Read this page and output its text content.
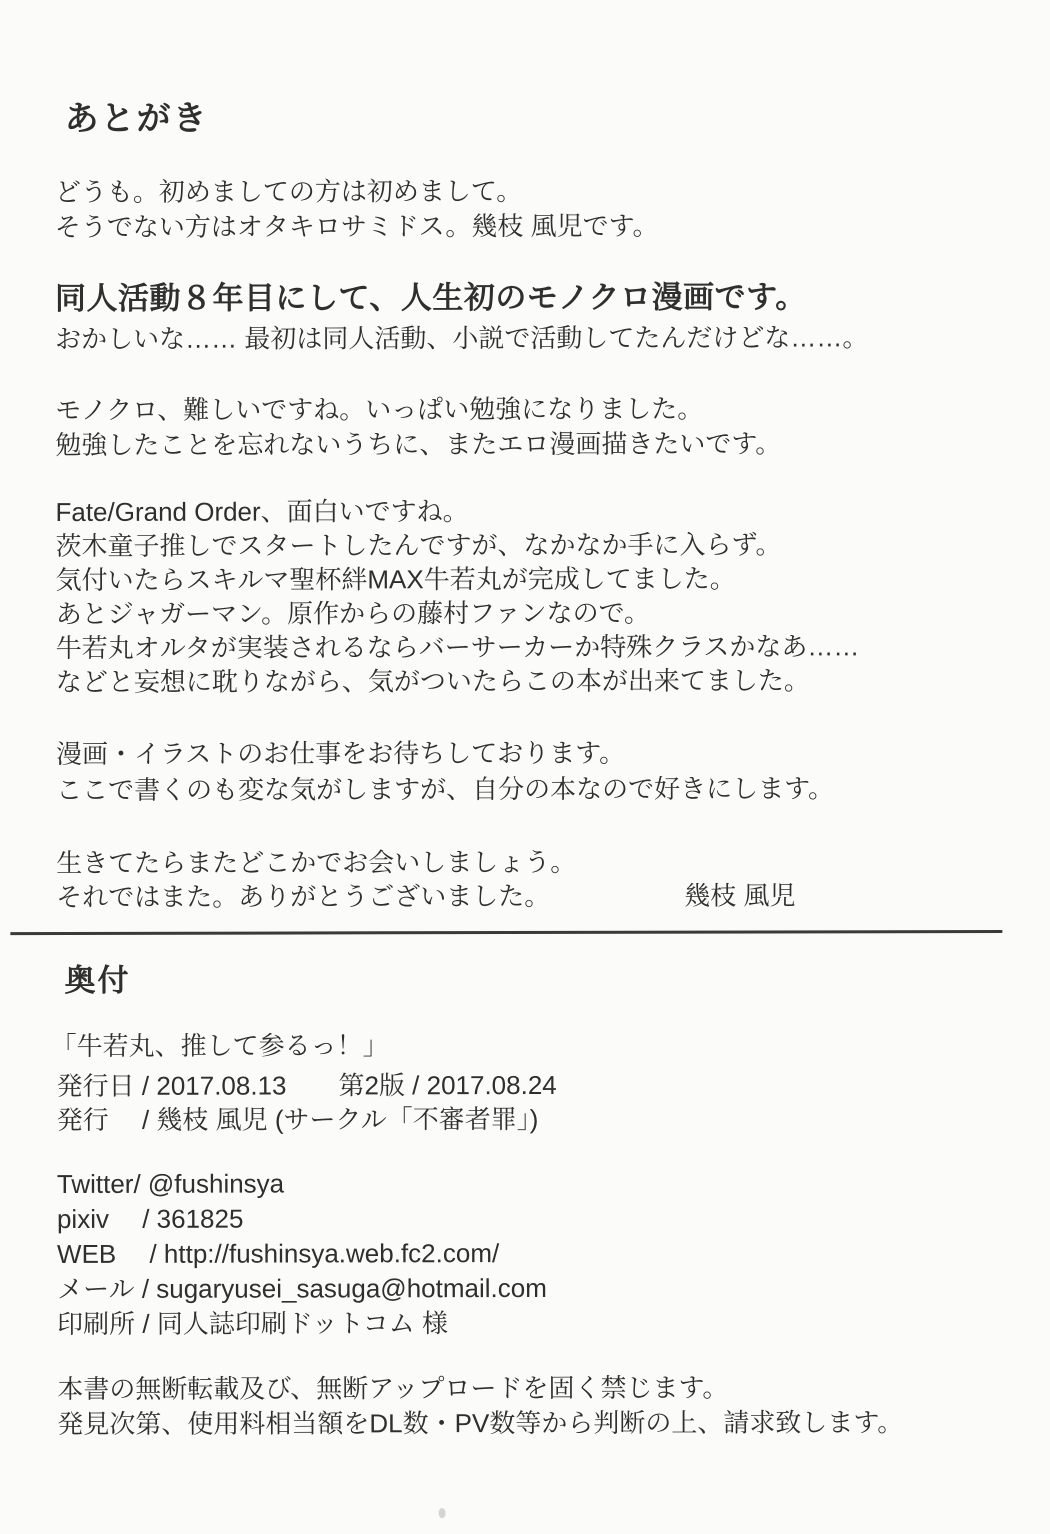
あとがき
どうも。初めましての方は初めまして。
そうでない方はオタキロサミドス。幾枝 風児です。
同人活動８年目にして、人生初のモノクロ漫画です。
おかしいな…… 最初は同人活動、小説で活動してたんだけどな……。
モノクロ、難しいですね。いっぱい勉強になりました。
勉強したことを忘れないうちに、またエロ漫画描きたいです。
Fate/Grand Order、面白いですね。
茨木童子推しでスタートしたんですが、なかなか手に入らず。
気付いたらスキルマ聖杯絆MAX牛若丸が完成してました。
あとジャガーマン。原作からの藤村ファンなので。
牛若丸オルタが実装されるならバーサーカーか特殊クラスかなあ……
などと妄想に耽りながら、気がついたらこの本が出来てました。
漫画・イラストのお仕事をお待ちしております。
ここで書くのも変な気がしますが、自分の本なので好きにします。
生きてたらまたどこかでお会いしましょう。
それではまた。ありがとうございました。	幾枝 風児
奥付
「牛若丸、推して参るっ！」
発行日 / 2017.08.13　　第2版 / 2017.08.24
発行　 / 幾枝 風児 (サークル「不審者罪」)
Twitter/ @fushinsya
pixiv　 / 361825
WEB　 / http://fushinsya.web.fc2.com/
メール / sugaryusei_sasuga@hotmail.com
印刷所 / 同人誌印刷ドットコム 様
本書の無断転載及び、無断アップロードを固く禁じます。
発見次第、使用料相当額をDL数・PV数等から判断の上、請求致します。
